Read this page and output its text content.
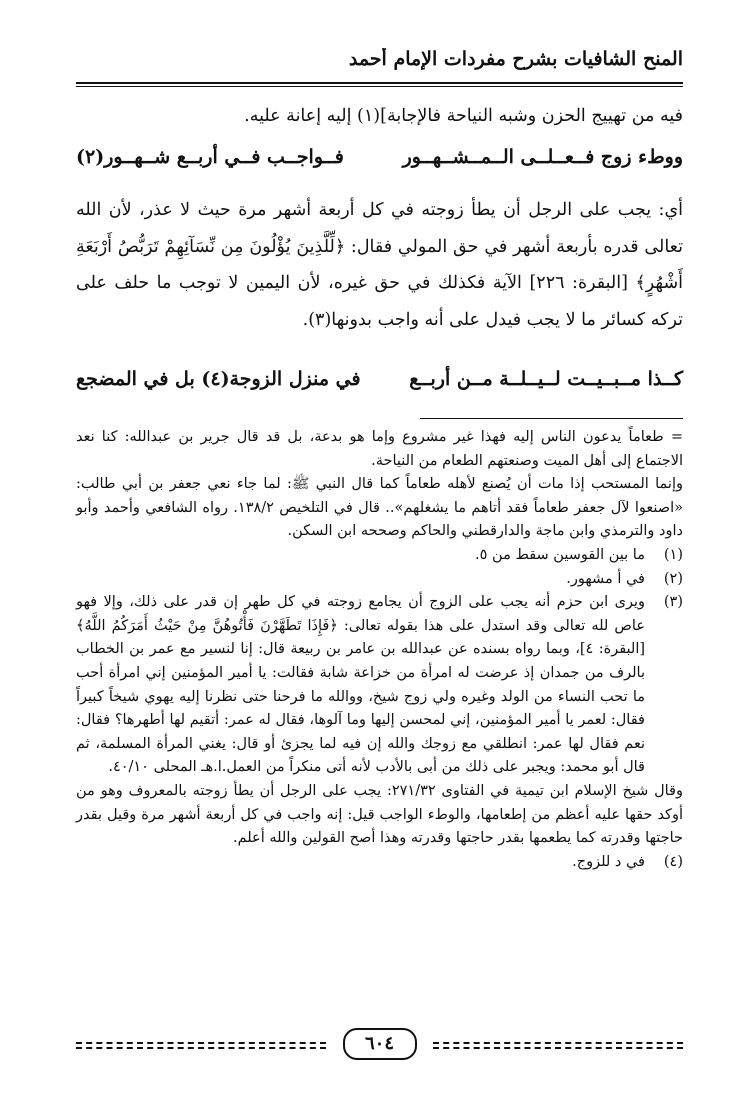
المنح الشافيات بشرح مفردات الإمام أحمد
فيه من تهييج الحزن وشبه النياحة فالإجابة](١) إليه إعانة عليه.
ووطء زوج فــعــلــى الــمــشــهــور
فــواجــب فــي أربــع شــهــور(٢)
أي: يجب على الرجل أن يطأ زوجته في كل أربعة أشهر مرة حيث لا عذر، لأن الله تعالى قدره بأربعة أشهر في حق المولي فقال: ﴿لِّلَّذِينَ يُؤْلُونَ مِن نِّسَآئِهِمْ تَرَبُّصُ أَرْبَعَةِ أَشْهُرٍ﴾ [البقرة: ٢٢٦] الآية فكذلك في حق غيره، لأن اليمين لا توجب ما حلف على تركه كسائر ما لا يجب فيدل على أنه واجب بدونها(٣).
كــذا مــبــيــت لــيــلــة مــن أربــع
في منزل الزوجة(٤) بل في المضجع

= طعاماً يدعون الناس إليه فهذا غير مشروع وإما هو بدعة، بل قد قال جرير بن عبدالله: كنا نعد الاجتماع إلى أهل الميت وصنعتهم الطعام من النياحة.

وإنما المستحب إذا مات أن يُصنع لأهله طعاماً كما قال النبي ﷺ: لما جاء نعي جعفر بن أبي طالب: «اصنعوا لآل جعفر طعاماً فقد أتاهم ما يشغلهم».. قال في التلخيص ١٣٨/٢. رواه الشافعي وأحمد وأبو داود والترمذي وابن ماجة والدارقطني والحاكم وصححه ابن السكن.

(١)

ما بين القوسين سقط من ٥.

(٢)

في أ مشهور.

(٣)

ويرى ابن حزم أنه يجب على الزوج أن يجامع زوجته في كل طهر إن قدر على ذلك، وإلا فهو عاص لله تعالى وقد استدل على هذا بقوله تعالى: ﴿فَإِذَا تَطَهَّرْنَ فَأْتُوهُنَّ مِنْ حَيْثُ أَمَرَكُمُ اللَّهُ﴾ [البقرة: ٤]، وبما رواه بسنده عن عبدالله بن عامر بن ربيعة قال: إنا لنسير مع عمر بن الخطاب بالرف من جمدان إذ عرضت له امرأة من خزاعة شابة فقالت: يا أمير المؤمنين إني امرأة أحب ما تحب النساء من الولد وغيره ولي زوج شيخ، ووالله ما فرحنا حتى نظرنا إليه يهوي شيخاً كبيراً فقال: لعمر يا أمير المؤمنين، إني لمحسن إليها وما آلوها، فقال له عمر: أتقيم لها أطهرها؟ فقال: نعم فقال لها عمر: انطلقي مع زوجك والله إن فيه لما يجزئ أو قال: يغني المرأة المسلمة، ثم قال أبو محمد: ويجبر على ذلك من أبى بالأدب لأنه أتى منكراً من العمل.ا.هـ المحلى ٤٠/١٠.

وقال شيخ الإسلام ابن تيمية في الفتاوى ٢٧١/٣٢: يجب على الرجل أن يطأ زوجته بالمعروف وهو من أوكد حقها عليه أعظم من إطعامها، والوطء الواجب قيل: إنه واجب في كل أربعة أشهر مرة وقيل بقدر حاجتها وقدرته كما يطعمها بقدر حاجتها وقدرته وهذا أصح القولين والله أعلم.

(٤)

في د للزوج.

٦٠٤
